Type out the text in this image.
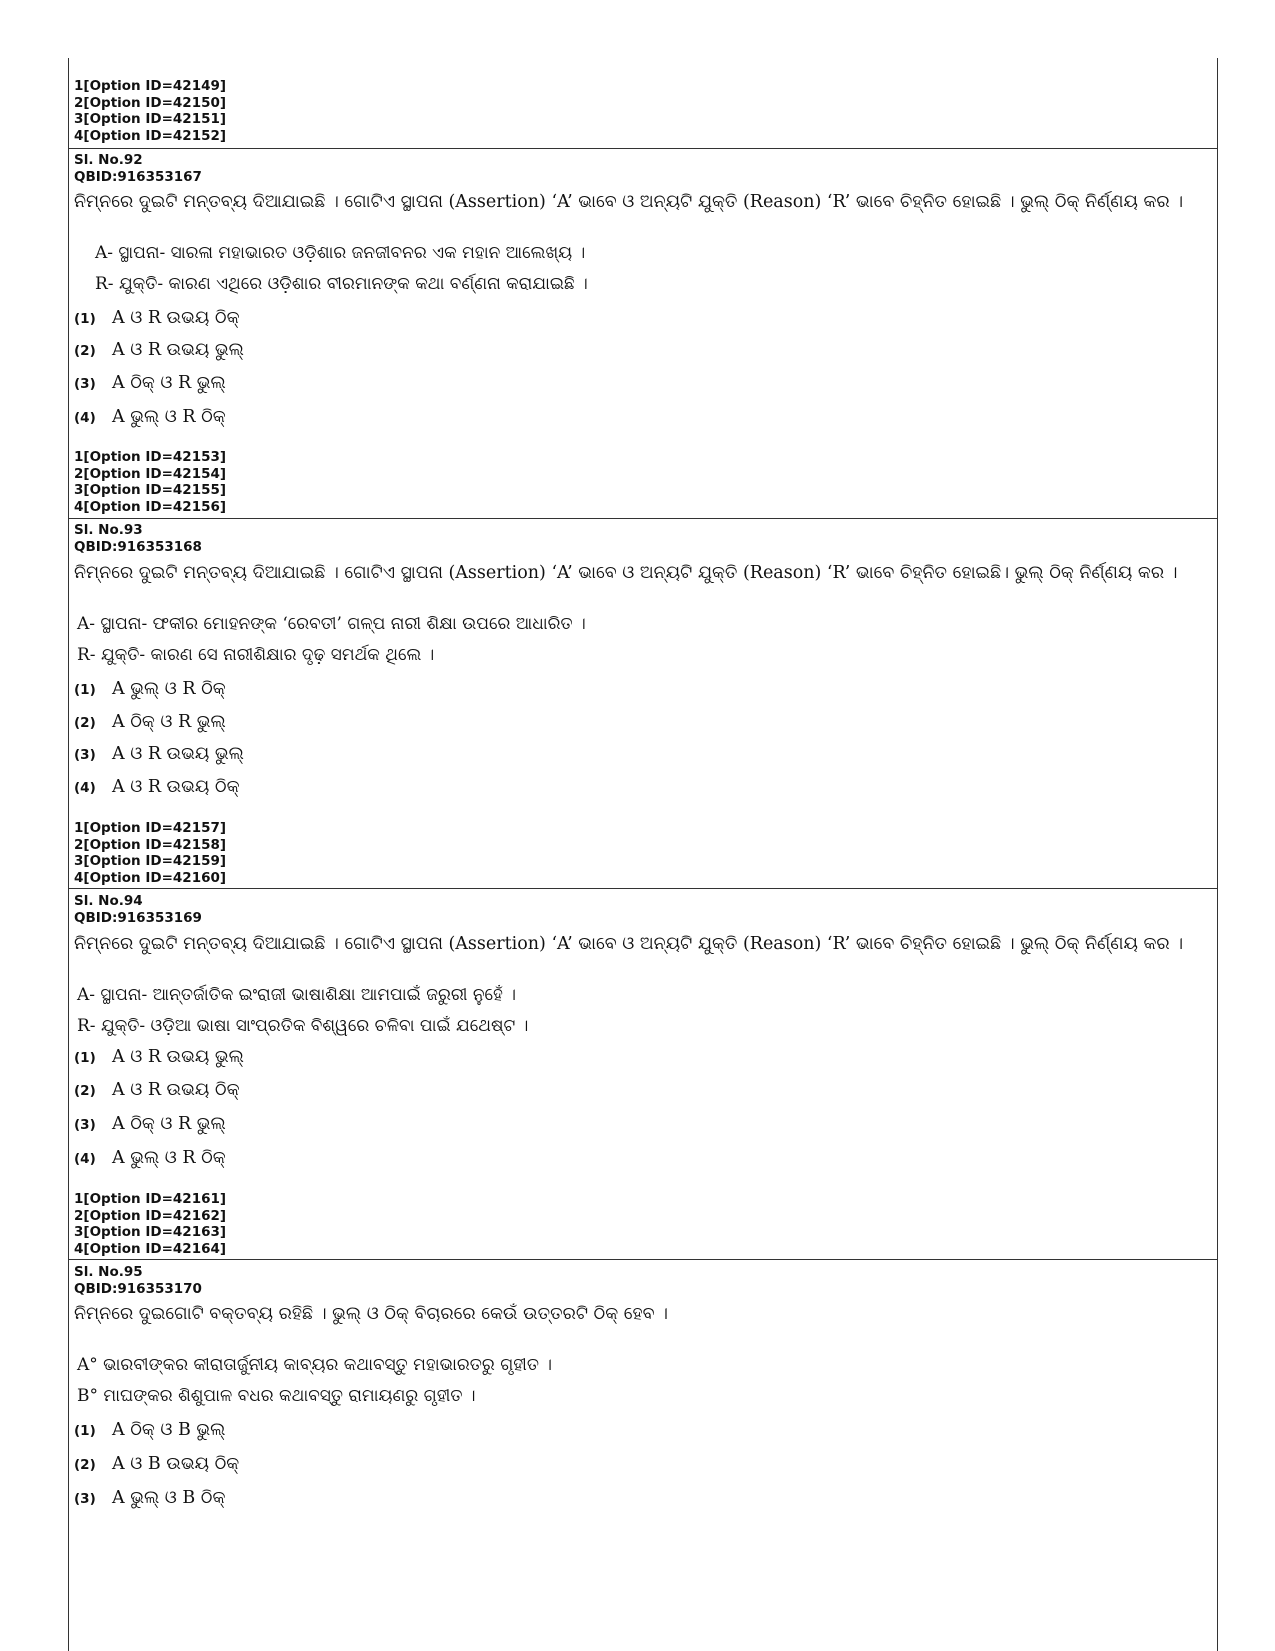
1[Option ID=42149]
2[Option ID=42150]
3[Option ID=42151]
4[Option ID=42152]
Sl. No.92
QBID:916353167
ନିମ୍ନରେ ଦୁଇଟି ମନ୍ତବ୍ୟ ଦିଆଯାଇଛି । ଗୋଟିଏ ସ୍ଥାପନା (Assertion) ‘A’ ଭାବେ ଓ ଅନ୍ୟଟି ଯୁକ୍ତି (Reason) ‘R’ ଭାବେ ଚିହ୍ନିତ ହୋଇଛି । ଭୁଲ୍ ଠିକ୍ ନିର୍ଣ୍ଣୟ କର ।
A- ସ୍ଥାପନା- ସାରଳା ମହାଭାରତ ଓଡ଼ିଶାର ଜନଜୀବନର ଏକ ମହାନ ଆଲେଖ୍ୟ ।
R- ଯୁକ୍ତି- କାରଣ ଏଥିରେ ଓଡ଼ିଶାର ବୀରମାନଙ୍କ କଥା ବର୍ଣ୍ଣନା କରାଯାଇଛି ।
(1) A ଓ R ଉଭୟ ଠିକ୍
(2) A ଓ R ଉଭୟ ଭୁଲ୍
(3) A ଠିକ୍ ଓ R ଭୁଲ୍
(4) A ଭୁଲ୍ ଓ R ଠିକ୍
1[Option ID=42153]
2[Option ID=42154]
3[Option ID=42155]
4[Option ID=42156]
Sl. No.93
QBID:916353168
ନିମ୍ନରେ ଦୁଇଟି ମନ୍ତବ୍ୟ ଦିଆଯାଇଛି । ଗୋଟିଏ ସ୍ଥାପନା (Assertion) ‘A’ ଭାବେ ଓ ଅନ୍ୟଟି ଯୁକ୍ତି (Reason) ‘R’ ଭାବେ ଚିହ୍ନିତ ହୋଇଛି। ଭୁଲ୍ ଠିକ୍ ନିର୍ଣ୍ଣୟ କର ।
A- ସ୍ଥାପନା- ଫକୀର ମୋହନଙ୍କ ‘ରେବତୀ’ ଗଳ୍ପ ନାରୀ ଶିକ୍ଷା ଉପରେ ଆଧାରିତ ।
R- ଯୁକ୍ତି- କାରଣ ସେ ନାରୀଶିକ୍ଷାର ଦୃଢ଼ ସମର୍ଥକ ଥିଲେ ।
(1) A ଭୁଲ୍ ଓ R ଠିକ୍
(2) A ଠିକ୍ ଓ R ଭୁଲ୍
(3) A ଓ R ଉଭୟ ଭୁଲ୍
(4) A ଓ R ଉଭୟ ଠିକ୍
1[Option ID=42157]
2[Option ID=42158]
3[Option ID=42159]
4[Option ID=42160]
Sl. No.94
QBID:916353169
ନିମ୍ନରେ ଦୁଇଟି ମନ୍ତବ୍ୟ ଦିଆଯାଇଛି । ଗୋଟିଏ ସ୍ଥାପନା (Assertion) ‘A’ ଭାବେ ଓ ଅନ୍ୟଟି ଯୁକ୍ତି (Reason) ‘R’ ଭାବେ ଚିହ୍ନିତ ହୋଇଛି । ଭୁଲ୍ ଠିକ୍ ନିର୍ଣ୍ଣୟ କର ।
A- ସ୍ଥାପନା- ଆନ୍ତର୍ଜାତିକ ଇଂରାଜୀ ଭାଷାଶିକ୍ଷା ଆମପାଇଁ ଜରୁରୀ ନୁହେଁ ।
R- ଯୁକ୍ତି- ଓଡ଼ିଆ ଭାଷା ସାଂପ୍ରତିକ ବିଶ୍ୱରେ ଚଳିବା ପାଇଁ ଯଥେଷ୍ଟ ।
(1) A ଓ R ଉଭୟ ଭୁଲ୍
(2) A ଓ R ଉଭୟ ଠିକ୍
(3) A ଠିକ୍ ଓ R ଭୁଲ୍
(4) A ଭୁଲ୍ ଓ R ଠିକ୍
1[Option ID=42161]
2[Option ID=42162]
3[Option ID=42163]
4[Option ID=42164]
Sl. No.95
QBID:916353170
ନିମ୍ନରେ ଦୁଇଗୋଟି ବକ୍ତବ୍ୟ ରହିଛି । ଭୁଲ୍ ଓ ଠିକ୍ ବିଚାରରେ କେଉଁ ଉତ୍ତରଟି ଠିକ୍ ହେବ ।
A° ଭାରବୀଙ୍କର କୀରାତାର୍ଜୁନୀୟ କାବ୍ୟର କଥାବସ୍ତୁ ମହାଭାରତରୁ ଗୃହୀତ ।
B° ମାଘଙ୍କର ଶିଶୁପାଳ ବଧର କଥାବସ୍ତୁ ରାମାୟଣରୁ ଗୃହୀତ ।
(1) A ଠିକ୍ ଓ B ଭୁଲ୍
(2) A ଓ B ଉଭୟ ଠିକ୍
(3) A ଭୁଲ୍ ଓ B ଠିକ୍
